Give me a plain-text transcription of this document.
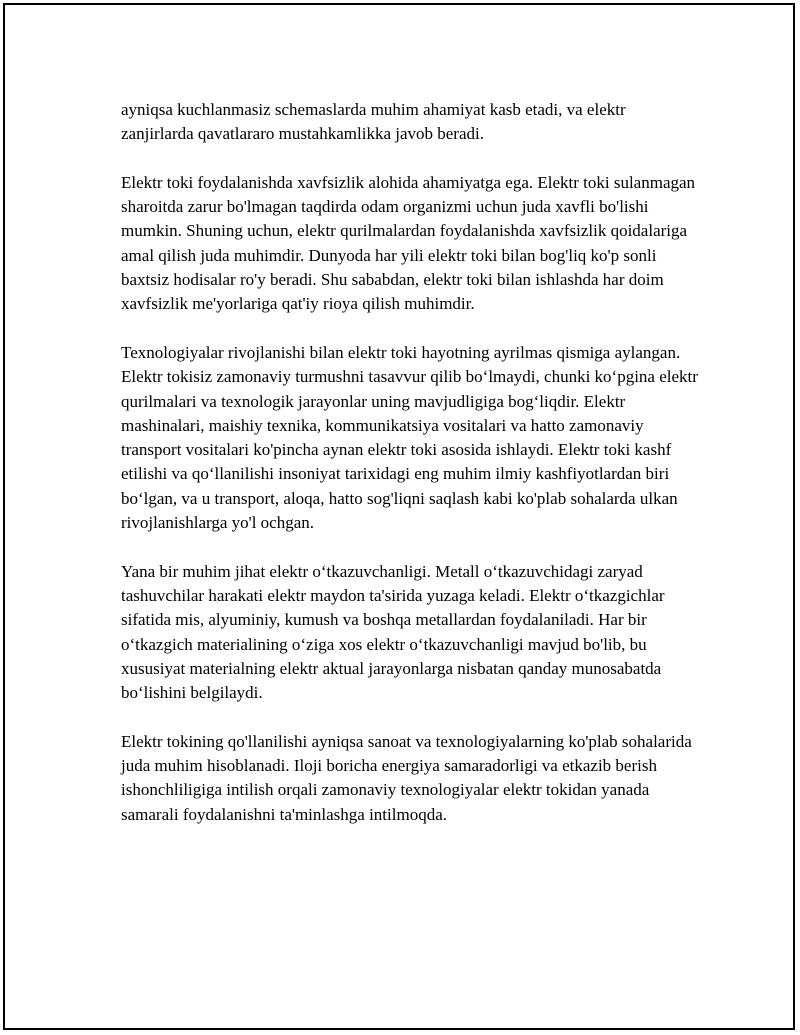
ayniqsa kuchlanmasiz schemaslarda muhim ahamiyat kasb etadi, va elektr zanjirlarda qavatlararo mustahkamlikka javob beradi.

Elektr toki foydalanishda xavfsizlik alohida ahamiyatga ega. Elektr toki sulanmagan sharoitda zarur bo'lmagan taqdirda odam organizmi uchun juda xavfli bo'lishi mumkin. Shuning uchun, elektr qurilmalardan foydalanishda xavfsizlik qoidalariga amal qilish juda muhimdir. Dunyoda har yili elektr toki bilan bog'liq ko'p sonli baxtsiz hodisalar ro'y beradi. Shu sababdan, elektr toki bilan ishlashda har doim xavfsizlik me'yorlariga qat'iy rioya qilish muhimdir.

Texnologiyalar rivojlanishi bilan elektr toki hayotning ayrilmas qismiga aylangan. Elektr tokisiz zamonaviy turmushni tasavvur qilib bo‘lmaydi, chunki ko‘pgina elektr qurilmalari va texnologik jarayonlar uning mavjudligiga bog‘liqdir. Elektr mashinalari, maishiy texnika, kommunikatsiya vositalari va hatto zamonaviy transport vositalari ko'pincha aynan elektr toki asosida ishlaydi. Elektr toki kashf etilishi va qo‘llanilishi insoniyat tarixidagi eng muhim ilmiy kashfiyotlardan biri bo‘lgan, va u transport, aloqa, hatto sog'liqni saqlash kabi ko'plab sohalarda ulkan rivojlanishlarga yo'l ochgan.

Yana bir muhim jihat elektr o‘tkazuvchanligi. Metall o‘tkazuvchidagi zaryad tashuvchilar harakati elektr maydon ta'sirida yuzaga keladi. Elektr o‘tkazgichlar sifatida mis, alyuminiy, kumush va boshqa metallardan foydalaniladi. Har bir o‘tkazgich materialining o‘ziga xos elektr o‘tkazuvchanligi mavjud bo'lib, bu xususiyat materialning elektr aktual jarayonlarga nisbatan qanday munosabatda bo‘lishini belgilaydi.

Elektr tokining qo'llanilishi ayniqsa sanoat va texnologiyalarning ko'plab sohalarida juda muhim hisoblanadi. Iloji boricha energiya samaradorligi va etkazib berish ishonchliligiga intilish orqali zamonaviy texnologiyalar elektr tokidan yanada samarali foydalanishni ta'minlashga intilmoqda.
